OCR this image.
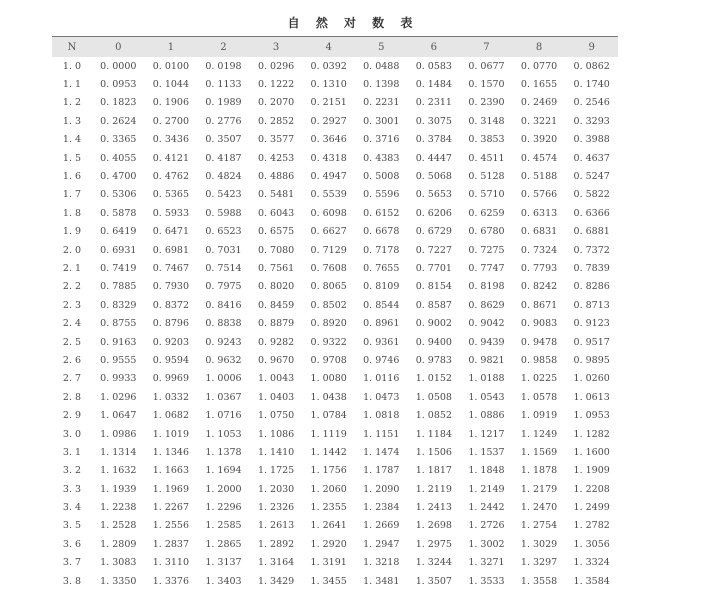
自 然 对 数 表
N	0	1	2	3	4	5	6	7	8	9
1. 0	0. 0000	0. 0100	0. 0198	0. 0296	0. 0392	0. 0488	0. 0583	0. 0677	0. 0770	0. 0862
1. 1	0. 0953	0. 1044	0. 1133	0. 1222	0. 1310	0. 1398	0. 1484	0. 1570	0. 1655	0. 1740
1. 2	0. 1823	0. 1906	0. 1989	0. 2070	0. 2151	0. 2231	0. 2311	0. 2390	0. 2469	0. 2546
1. 3	0. 2624	0. 2700	0. 2776	0. 2852	0. 2927	0. 3001	0. 3075	0. 3148	0. 3221	0. 3293
1. 4	0. 3365	0. 3436	0. 3507	0. 3577	0. 3646	0. 3716	0. 3784	0. 3853	0. 3920	0. 3988
1. 5	0. 4055	0. 4121	0. 4187	0. 4253	0. 4318	0. 4383	0. 4447	0. 4511	0. 4574	0. 4637
1. 6	0. 4700	0. 4762	0. 4824	0. 4886	0. 4947	0. 5008	0. 5068	0. 5128	0. 5188	0. 5247
1. 7	0. 5306	0. 5365	0. 5423	0. 5481	0. 5539	0. 5596	0. 5653	0. 5710	0. 5766	0. 5822
1. 8	0. 5878	0. 5933	0. 5988	0. 6043	0. 6098	0. 6152	0. 6206	0. 6259	0. 6313	0. 6366
1. 9	0. 6419	0. 6471	0. 6523	0. 6575	0. 6627	0. 6678	0. 6729	0. 6780	0. 6831	0. 6881
2. 0	0. 6931	0. 6981	0. 7031	0. 7080	0. 7129	0. 7178	0. 7227	0. 7275	0. 7324	0. 7372
2. 1	0. 7419	0. 7467	0. 7514	0. 7561	0. 7608	0. 7655	0. 7701	0. 7747	0. 7793	0. 7839
2. 2	0. 7885	0. 7930	0. 7975	0. 8020	0. 8065	0. 8109	0. 8154	0. 8198	0. 8242	0. 8286
2. 3	0. 8329	0. 8372	0. 8416	0. 8459	0. 8502	0. 8544	0. 8587	0. 8629	0. 8671	0. 8713
2. 4	0. 8755	0. 8796	0. 8838	0. 8879	0. 8920	0. 8961	0. 9002	0. 9042	0. 9083	0. 9123
2. 5	0. 9163	0. 9203	0. 9243	0. 9282	0. 9322	0. 9361	0. 9400	0. 9439	0. 9478	0. 9517
2. 6	0. 9555	0. 9594	0. 9632	0. 9670	0. 9708	0. 9746	0. 9783	0. 9821	0. 9858	0. 9895
2. 7	0. 9933	0. 9969	1. 0006	1. 0043	1. 0080	1. 0116	1. 0152	1. 0188	1. 0225	1. 0260
2. 8	1. 0296	1. 0332	1. 0367	1. 0403	1. 0438	1. 0473	1. 0508	1. 0543	1. 0578	1. 0613
2. 9	1. 0647	1. 0682	1. 0716	1. 0750	1. 0784	1. 0818	1. 0852	1. 0886	1. 0919	1. 0953
3. 0	1. 0986	1. 1019	1. 1053	1. 1086	1. 1119	1. 1151	1. 1184	1. 1217	1. 1249	1. 1282
3. 1	1. 1314	1. 1346	1. 1378	1. 1410	1. 1442	1. 1474	1. 1506	1. 1537	1. 1569	1. 1600
3. 2	1. 1632	1. 1663	1. 1694	1. 1725	1. 1756	1. 1787	1. 1817	1. 1848	1. 1878	1. 1909
3. 3	1. 1939	1. 1969	1. 2000	1. 2030	1. 2060	1. 2090	1. 2119	1. 2149	1. 2179	1. 2208
3. 4	1. 2238	1. 2267	1. 2296	1. 2326	1. 2355	1. 2384	1. 2413	1. 2442	1. 2470	1. 2499
3. 5	1. 2528	1. 2556	1. 2585	1. 2613	1. 2641	1. 2669	1. 2698	1. 2726	1. 2754	1. 2782
3. 6	1. 2809	1. 2837	1. 2865	1. 2892	1. 2920	1. 2947	1. 2975	1. 3002	1. 3029	1. 3056
3. 7	1. 3083	1. 3110	1. 3137	1. 3164	1. 3191	1. 3218	1. 3244	1. 3271	1. 3297	1. 3324
3. 8	1. 3350	1. 3376	1. 3403	1. 3429	1. 3455	1. 3481	1. 3507	1. 3533	1. 3558	1. 3584
